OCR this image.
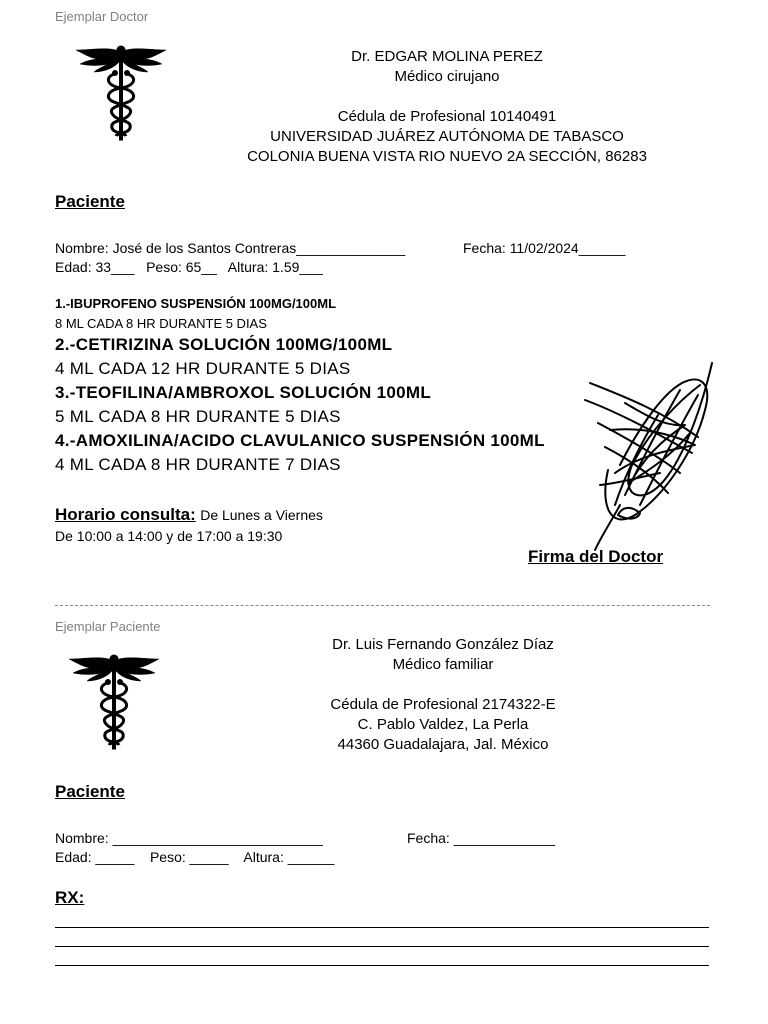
Ejemplar Doctor
Dr. EDGAR MOLINA PEREZ
Médico cirujano
Cédula de Profesional 10140491
UNIVERSIDAD JUÁREZ AUTÓNOMA DE TABASCO
COLONIA BUENA VISTA RIO NUEVO 2A SECCIÓN, 86283
Paciente
Nombre: José de los Santos Contreras______________	Fecha: 11/02/2024______
Edad: 33___   Peso: 65__   Altura: 1.59___
1.-IBUPROFENO SUSPENSIÓN 100MG/100ML
8 ML CADA 8 HR DURANTE 5 DIAS
2.-CETIRIZINA SOLUCIÓN 100MG/100ML
4 ML CADA 12 HR DURANTE 5 DIAS
3.-TEOFILINA/AMBROXOL SOLUCIÓN 100ML
5 ML CADA 8 HR DURANTE 5 DIAS
4.-AMOXILINA/ACIDO CLAVULANICO SUSPENSIÓN 100ML
4 ML CADA 8 HR DURANTE 7 DIAS
Horario consulta: De Lunes a Viernes
De 10:00 a 14:00 y de 17:00 a 19:30
Firma del Doctor
Ejemplar Paciente
Dr. Luis Fernando González Díaz
Médico familiar
Cédula de Profesional 2174322-E
C. Pablo Valdez, La Perla
44360 Guadalajara, Jal. México
Paciente
Nombre: ___________________________	Fecha: _____________
Edad: _____    Peso: _____    Altura: ______
RX:
